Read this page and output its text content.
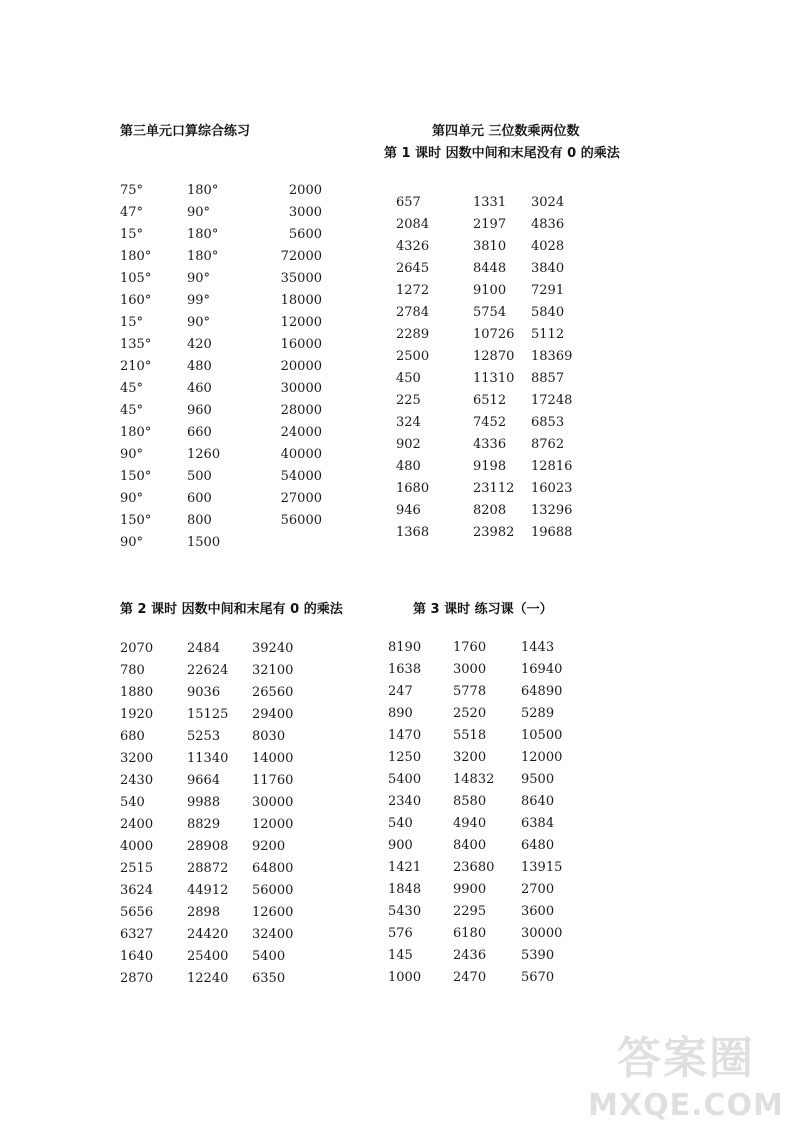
第三单元口算综合练习
75°
47°
15°
180°
105°
160°
15°
135°
210°
45°
45°
180°
90°
150°
90°
150°
90°
180°
90°
180°
180°
90°
99°
90°
420
480
460
960
660
1260
500
600
800
1500
2000
3000
5600
72000
35000
18000
12000
16000
20000
30000
28000
24000
40000
54000
27000
56000
第四单元 三位数乘两位数
第 1 课时 因数中间和末尾没有 0 的乘法
657
2084
4326
2645
1272
2784
2289
2500
450
225
324
902
480
1680
946
1368
1331
2197
3810
8448
9100
5754
10726
12870
11310
6512
7452
4336
9198
23112
8208
23982
3024
4836
4028
3840
7291
5840
5112
18369
8857
17248
6853
8762
12816
16023
13296
19688
第 2 课时 因数中间和末尾有 0 的乘法
2070
780
1880
1920
680
3200
2430
540
2400
4000
2515
3624
5656
6327
1640
2870
2484
22624
9036
15125
5253
11340
9664
9988
8829
28908
28872
44912
2898
24420
25400
12240
39240
32100
26560
29400
8030
14000
11760
30000
12000
9200
64800
56000
12600
32400
5400
6350
第 3 课时 练习课（一）
8190
1638
247
890
1470
1250
5400
2340
540
900
1421
1848
5430
576
145
1000
1760
3000
5778
2520
5518
3200
14832
8580
4940
8400
23680
9900
2295
6180
2436
2470
1443
16940
64890
5289
10500
12000
9500
8640
6384
6480
13915
2700
3600
30000
5390
5670
答案圈
MXQE.COM
